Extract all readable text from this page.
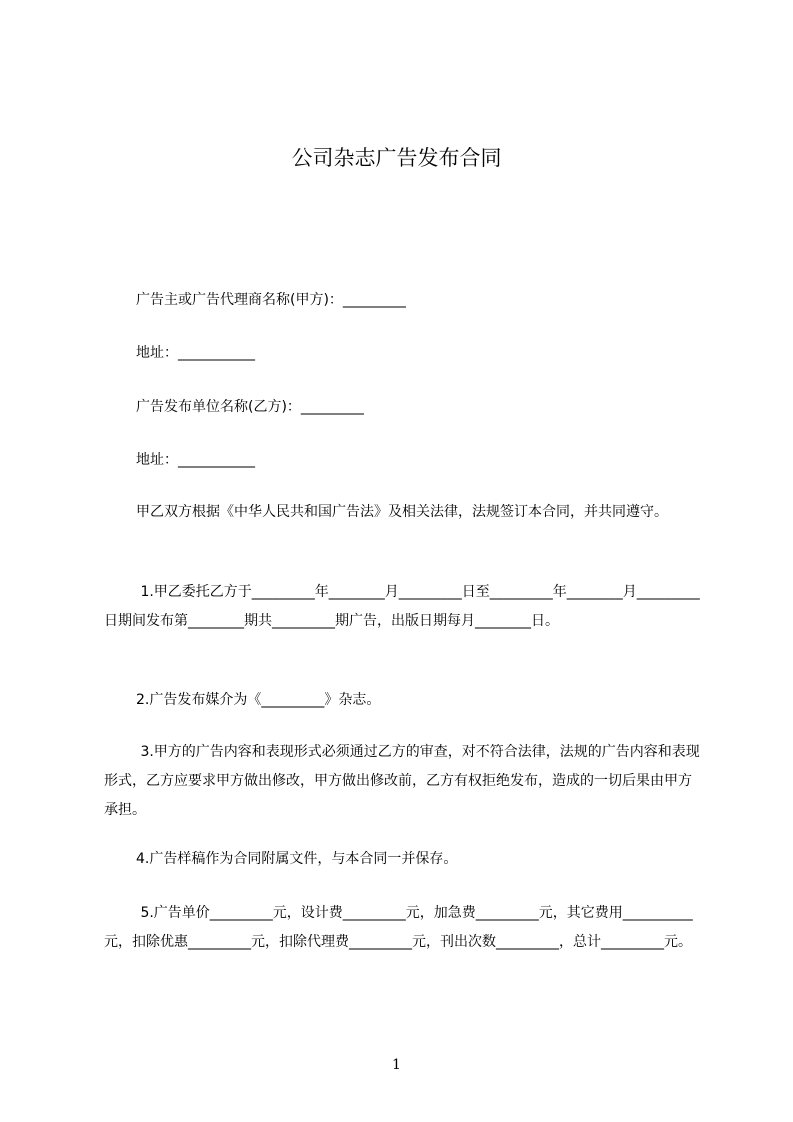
公司杂志广告发布合同
广告主或广告代理商名称(甲方)：_________
地址：___________
广告发布单位名称(乙方)：_________
地址：___________
甲乙双方根据《中华人民共和国广告法》及相关法律，法规签订本合同，并共同遵守。
1.甲乙委托乙方于_________年________月_________日至_________年________月_________日期间发布第________期共_________期广告，出版日期每月________日。
2.广告发布媒介为《_________》杂志。
3.甲方的广告内容和表现形式必须通过乙方的审查，对不符合法律，法规的广告内容和表现形式，乙方应要求甲方做出修改，甲方做出修改前，乙方有权拒绝发布，造成的一切后果由甲方承担。
4.广告样稿作为合同附属文件，与本合同一并保存。
5.广告单价_________元，设计费_________元，加急费_________元，其它费用__________元，扣除优惠_________元，扣除代理费_________元，刊出次数_________，总计_________元。
1
